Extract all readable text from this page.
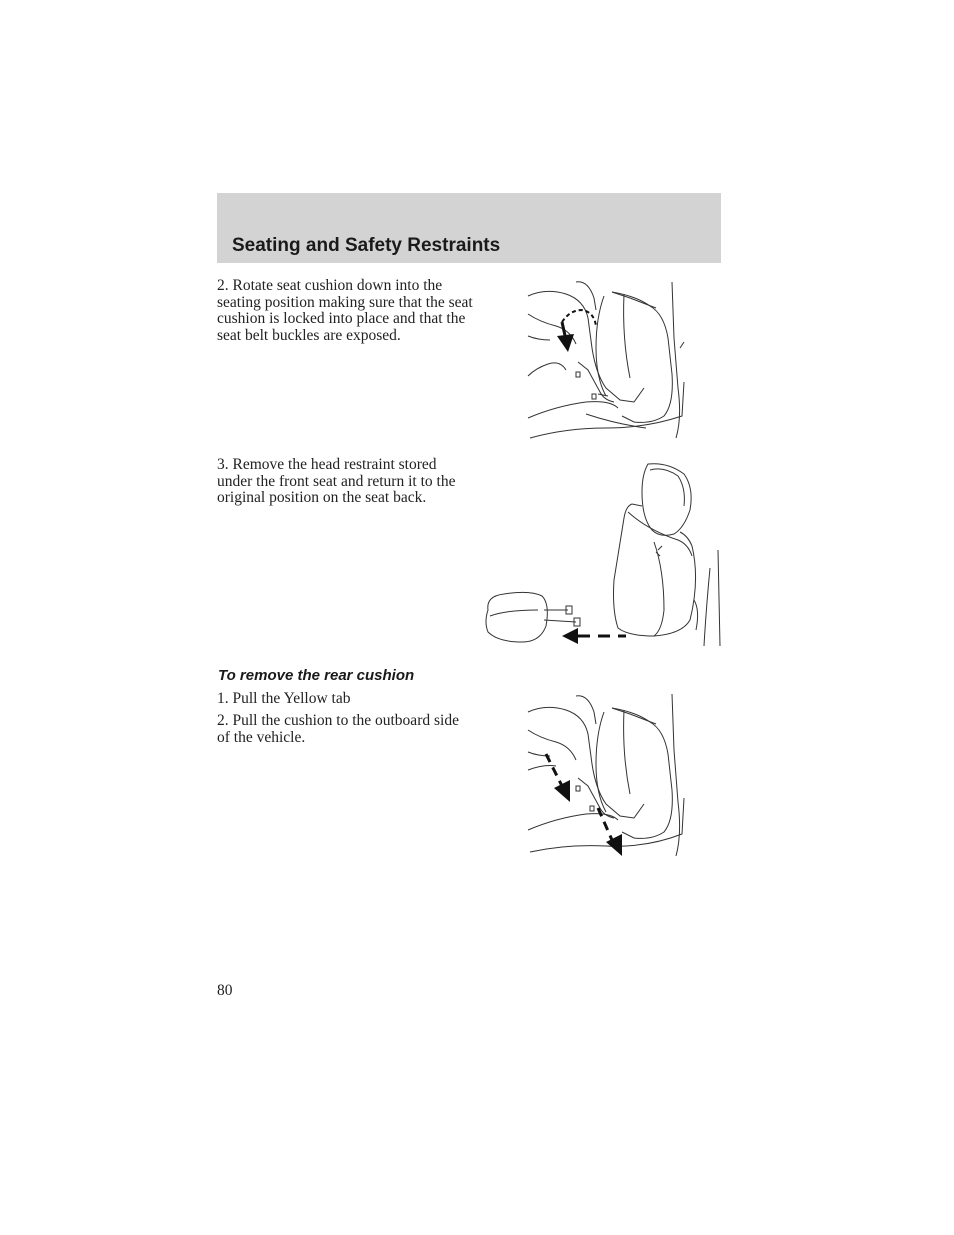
Seating and Safety Restraints

2. Rotate seat cushion down into the seating position making sure that the seat cushion is locked into place and that the seat belt buckles are exposed.

3. Remove the head restraint stored under the front seat and return it to the original position on the seat back.

To remove the rear cushion

1. Pull the Yellow tab

2. Pull the cushion to the outboard side of the vehicle.

80
